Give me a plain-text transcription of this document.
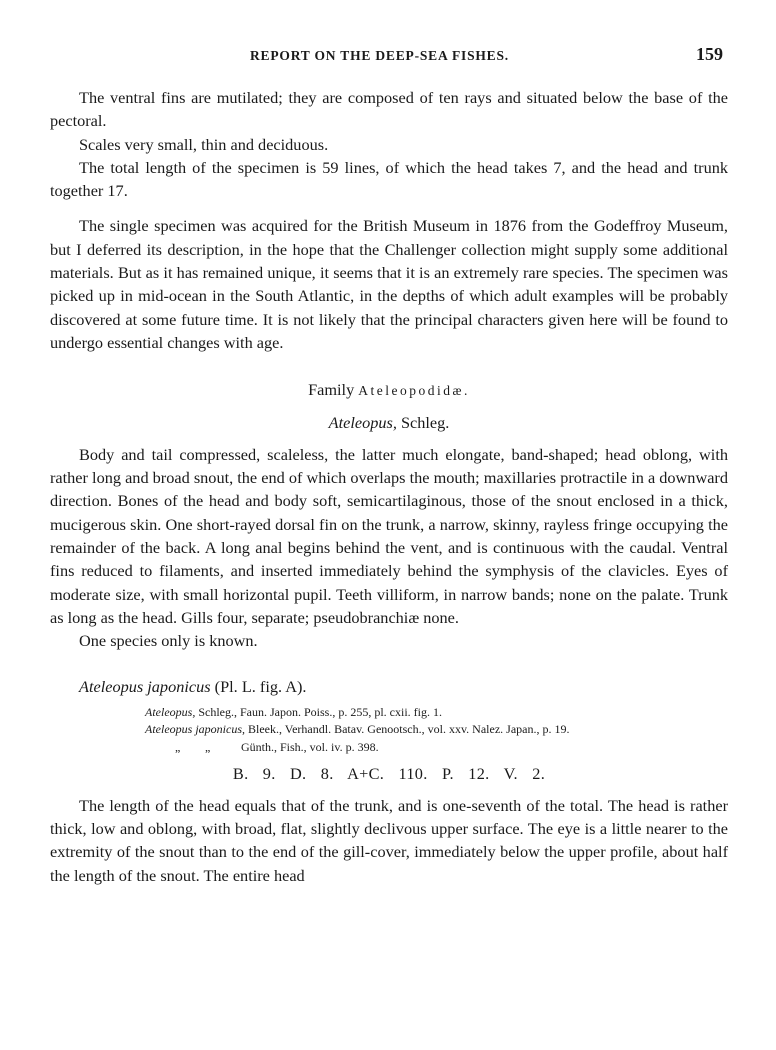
REPORT ON THE DEEP-SEA FISHES.	159

The ventral fins are mutilated; they are composed of ten rays and situated below the base of the pectoral.

Scales very small, thin and deciduous.

The total length of the specimen is 59 lines, of which the head takes 7, and the head and trunk together 17.

The single specimen was acquired for the British Museum in 1876 from the Godeffroy Museum, but I deferred its description, in the hope that the Challenger collection might supply some additional materials. But as it has remained unique, it seems that it is an extremely rare species. The specimen was picked up in mid-ocean in the South Atlantic, in the depths of which adult examples will be probably discovered at some future time. It is not likely that the principal characters given here will be found to undergo essential changes with age.

Family Ateleopodidæ.

Ateleopus, Schleg.

Body and tail compressed, scaleless, the latter much elongate, band-shaped; head oblong, with rather long and broad snout, the end of which overlaps the mouth; maxillaries protractile in a downward direction. Bones of the head and body soft, semicartilaginous, those of the snout enclosed in a thick, mucigerous skin. One short-rayed dorsal fin on the trunk, a narrow, skinny, rayless fringe occupying the remainder of the back. A long anal begins behind the vent, and is continuous with the caudal. Ventral fins reduced to filaments, and inserted immediately behind the symphysis of the clavicles. Eyes of moderate size, with small horizontal pupil. Teeth villiform, in narrow bands; none on the palate. Trunk as long as the head. Gills four, separate; pseudobranchiæ none.

One species only is known.

Ateleopus japonicus (Pl. L. fig. A).

Ateleopus, Schleg., Faun. Japon. Poiss., p. 255, pl. cxii. fig. 1.
Ateleopus japonicus, Bleek., Verhandl. Batav. Genootsch., vol. xxv. Nalez. Japan., p. 19.
„ „	Günth., Fish., vol. iv. p. 398.

B. 9. D. 8. A+C. 110. P. 12. V. 2.

The length of the head equals that of the trunk, and is one-seventh of the total. The head is rather thick, low and oblong, with broad, flat, slightly declivous upper surface. The eye is a little nearer to the extremity of the snout than to the end of the gill-cover, immediately below the upper profile, about half the length of the snout. The entire head
